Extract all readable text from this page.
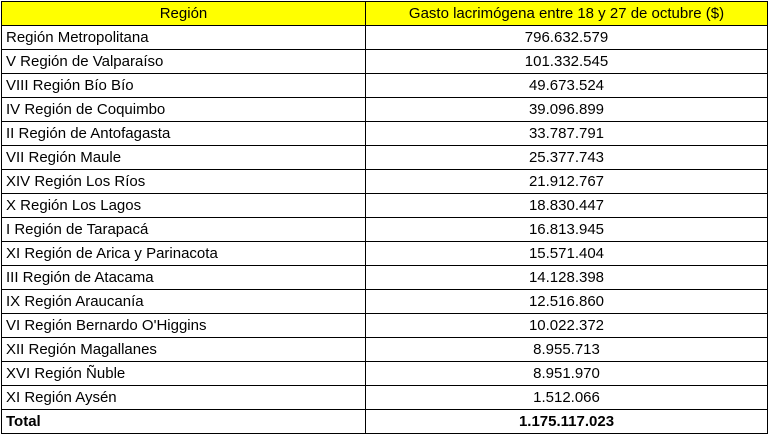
Región	Gasto lacrimógena entre 18 y 27 de octubre ($)
Región Metropolitana	796.632.579
V Región de Valparaíso	101.332.545
VIII Región Bío Bío	49.673.524
IV Región de Coquimbo	39.096.899
II Región de Antofagasta	33.787.791
VII Región Maule	25.377.743
XIV Región Los Ríos	21.912.767
X Región Los Lagos	18.830.447
I Región de Tarapacá	16.813.945
XI Región de Arica y Parinacota	15.571.404
III Región de Atacama	14.128.398
IX Región Araucanía	12.516.860
VI Región Bernardo O'Higgins	10.022.372
XII Región Magallanes	8.955.713
XVI Región Ñuble	8.951.970
XI Región Aysén	1.512.066
Total	1.175.117.023
